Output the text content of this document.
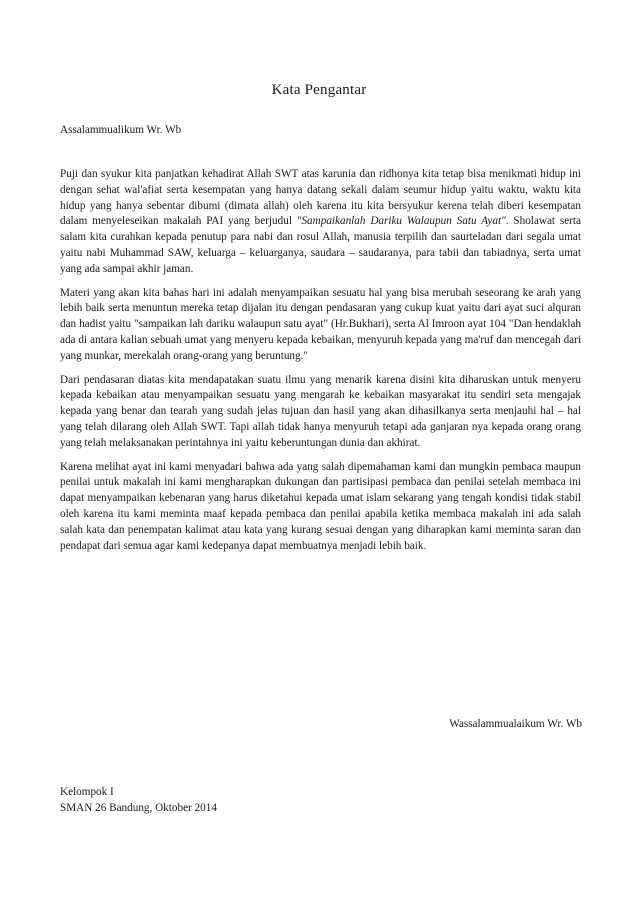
Kata Pengantar
Assalammualikum Wr. Wb

Puji dan syukur kita panjatkan kehadirat Allah SWT atas karunia dan ridhonya kita tetap bisa menikmati hidup ini dengan sehat wal'afiat serta kesempatan yang hanya datang sekali dalam seumur hidup yaitu waktu, waktu kita hidup yang hanya sebentar dibumi (dimata allah) oleh karena itu kita bersyukur kerena telah diberi kesempatan dalam menyeleseikan makalah PAI yang berjudul "Sampaikanlah Dariku Walaupun Satu Ayat". Sholawat serta salam kita curahkan kepada penutup para nabi dan rosul Allah, manusia terpilih dan saurteladan dari segala umat yaitu nabi Muhammad SAW, keluarga – keluarganya, saudara – saudaranya, para tabii dan tabiadnya, serta umat yang ada sampai akhir jaman.

Materi yang akan kita bahas hari ini adalah menyampaikan sesuatu hal yang bisa merubah seseorang ke arah yang lebih baik serta menuntun mereka tetap dijalan itu dengan pendasaran yang cukup kuat yaitu dari ayat suci alquran dan hadist yaitu "sampaikan lah dariku walaupun satu ayat" (Hr.Bukhari), serta Al Imroon ayat 104 "Dan hendaklah ada di antara kalian sebuah umat yang menyeru kepada kebaikan, menyuruh kepada yang ma'ruf dan mencegah dari yang munkar, merekalah orang-orang yang beruntung."

Dari pendasaran diatas kita mendapatakan suatu ilmu yang menarik karena disini kita diharuskan untuk menyeru kepada kebaikan atau menyampaikan sesuatu yang mengarah ke kebaikan masyarakat itu sendiri seta mengajak kepada yang benar dan tearah yang sudah jelas tujuan dan hasil yang akan dihasilkanya serta menjauhi hal – hal yang telah dilarang oleh Allah SWT. Tapi allah tidak hanya menyuruh tetapi ada ganjaran nya kepada orang orang yang telah melaksanakan perintahnya ini yaitu keberuntungan dunia dan akhirat.

Karena melihat ayat ini kami menyadari bahwa ada yang salah dipemahaman kami dan mungkin pembaca maupun penilai untuk makalah ini kami mengharapkan dukungan dan partisipasi pembaca dan penilai setelah membaca ini dapat menyampaikan kebenaran yang harus diketahui kepada umat islam sekarang yang tengah kondisi tidak stabil oleh karena itu kami meminta maaf kepada pembaca dan penilai apabila ketika membaca makalah ini ada salah salah kata dan penempatan kalimat atau kata yang kurang sesuai dengan yang diharapkan kami meminta saran dan pendapat dari semua agar kami kedepanya dapat membuatnya menjadi lebih baik.

Wassalammualaikum Wr. Wb
Kelompok I
SMAN 26 Bandung, Oktober 2014
